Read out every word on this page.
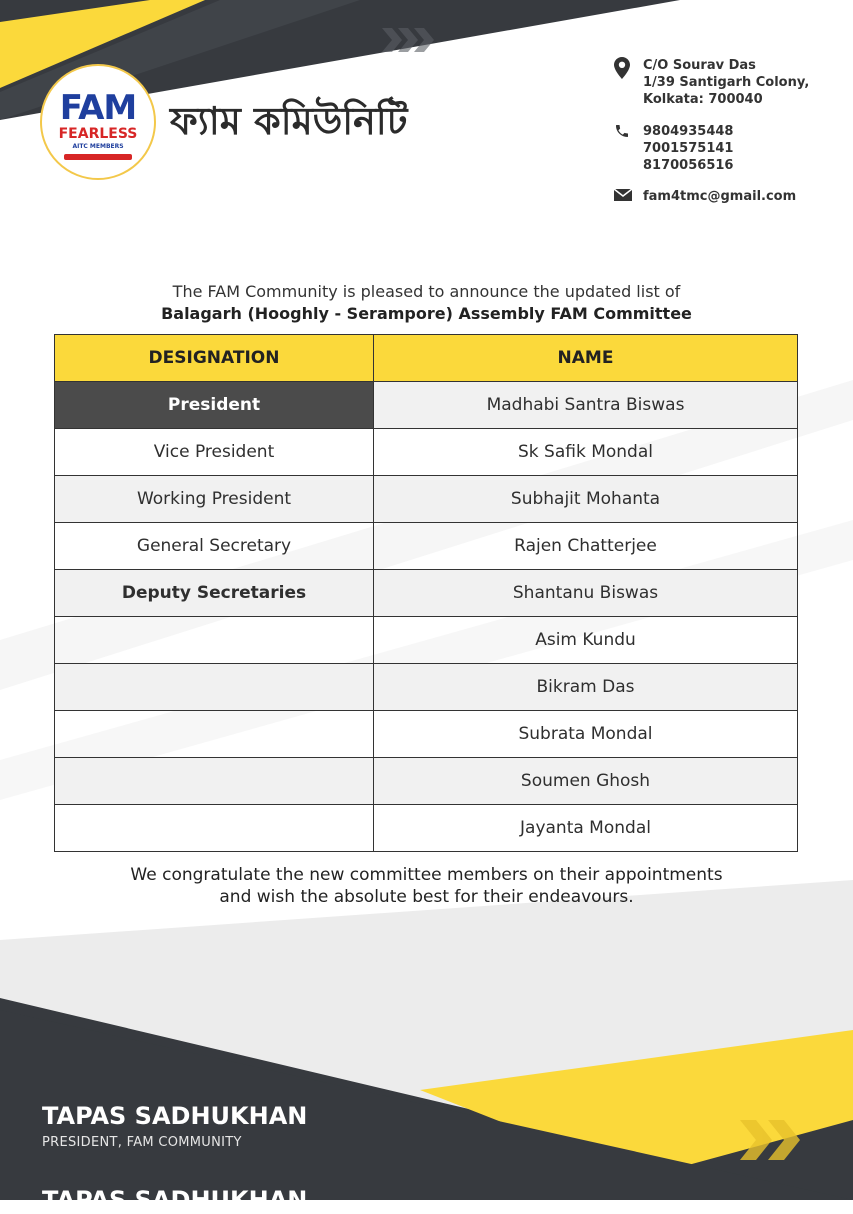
FAM
FEARLESS
AITC MEMBERS
ফ্যাম কমিউনিটি
C/O Sourav Das
1/39 Santigarh Colony,
Kolkata: 700040
9804935448
7001575141
8170056516
fam4tmc@gmail.com
The FAM Community is pleased to announce the updated list of
Balagarh (Hooghly - Serampore) Assembly FAM Committee
DESIGNATION	NAME
President	Madhabi Santra Biswas
Vice President	Sk Safik Mondal
Working President	Subhajit Mohanta
General Secretary	Rajen Chatterjee
Deputy Secretaries	Shantanu Biswas
	Asim Kundu
	Bikram Das
	Subrata Mondal
	Soumen Ghosh
	Jayanta Mondal
We congratulate the new committee members on their appointments
and wish the absolute best for their endeavours.
TAPAS SADHUKHAN
PRESIDENT, FAM COMMUNITY
TAPAS SADHUKHAN
